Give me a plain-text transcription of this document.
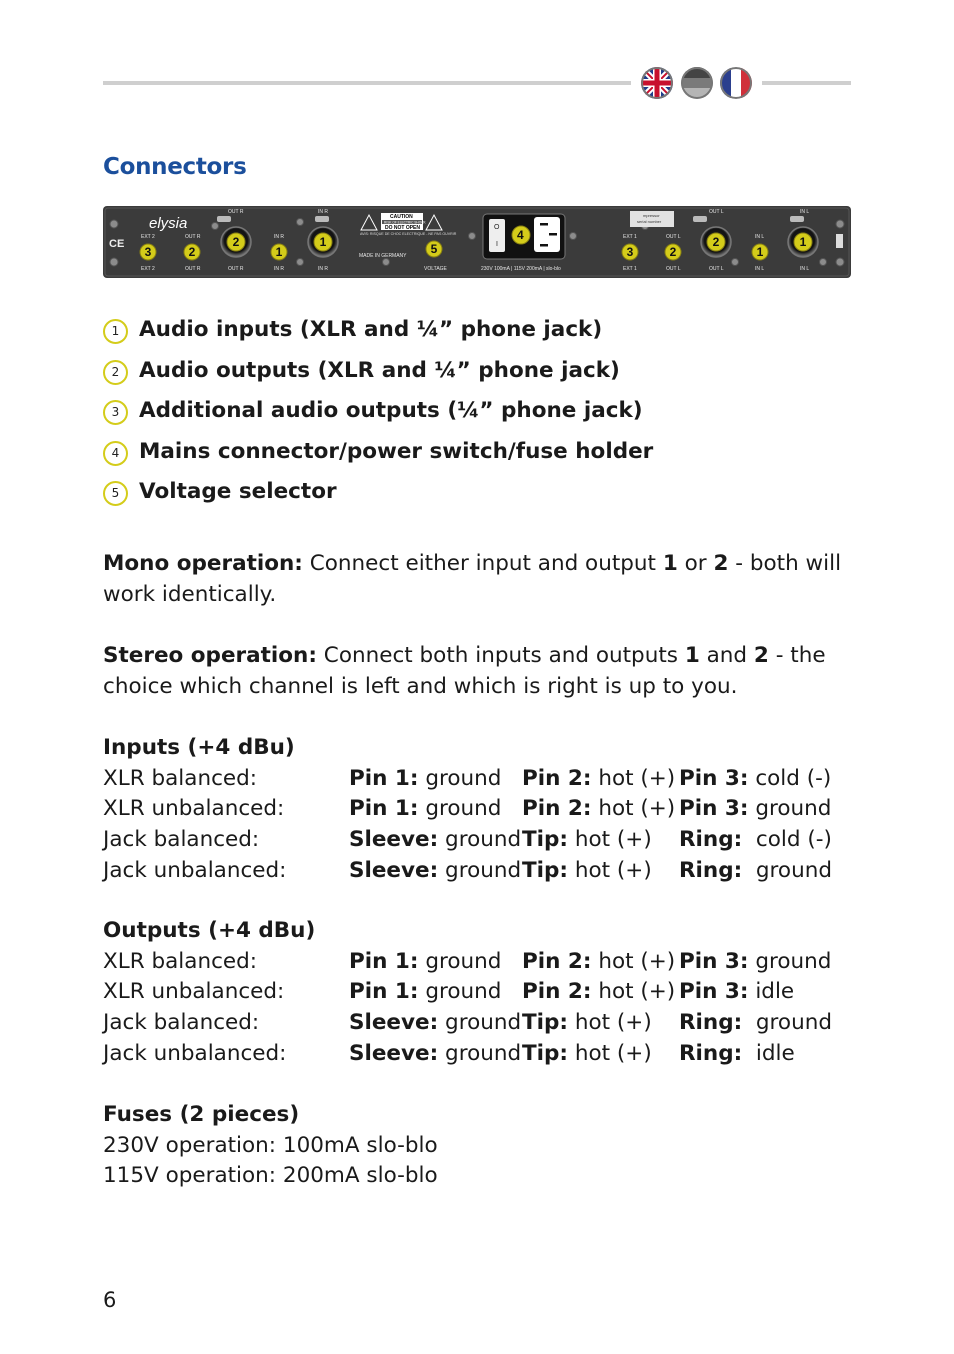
Connectors
elysia
CE
EXT 2
EXT 2
OUT R
OUT R
OUT R
OUT R
IN R
IN R
IN R
IN R	VOLTAGE
MADE IN GERMANY
230V 100mA | 115V 200mA | slo-blo
EXT 1
EXT 1
OUT L
OUT L
OUT L
OUT L
IN L
IN L
IN L
IN L
CAUTION
RISK OF ELECTRIC SHOCK
DO NOT OPEN
AVIS: RISQUE DE CHOC ELECTRIQUE - NE PAS OUVRIR
O
I
4
mpressor
serial number
3	2
2
1
1	5	3	2
2
1
1
1 Audio inputs (XLR and ¼” phone jack)
2 Audio outputs (XLR and ¼” phone jack)
3 Additional audio outputs (¼” phone jack)
4 Mains connector/power switch/fuse holder
5 Voltage selector
Mono operation: Connect either input and output 1 or 2 - both will work identically.
Stereo operation: Connect both inputs and outputs 1 and 2 - the choice which channel is left and which is right is up to you.
Inputs (+4 dBu)
XLR balanced:	Pin 1: ground Pin 2: hot (+) Pin 3: cold (-)
XLR unbalanced:	Pin 1: ground Pin 2: hot (+) Pin 3: ground
Jack balanced:	Sleeve: ground Tip: hot (+) Ring:  cold (-)
Jack unbalanced:	Sleeve: ground Tip: hot (+) Ring:  ground
Outputs (+4 dBu)
XLR balanced:	Pin 1: ground Pin 2: hot (+) Pin 3: ground
XLR unbalanced:	Pin 1: ground Pin 2: hot (+) Pin 3: idle
Jack balanced:	Sleeve: ground Tip: hot (+) Ring:  ground
Jack unbalanced:	Sleeve: ground Tip: hot (+) Ring:  idle
Fuses (2 pieces)
230V operation: 100mA slo-blo
115V operation: 200mA slo-blo
6
